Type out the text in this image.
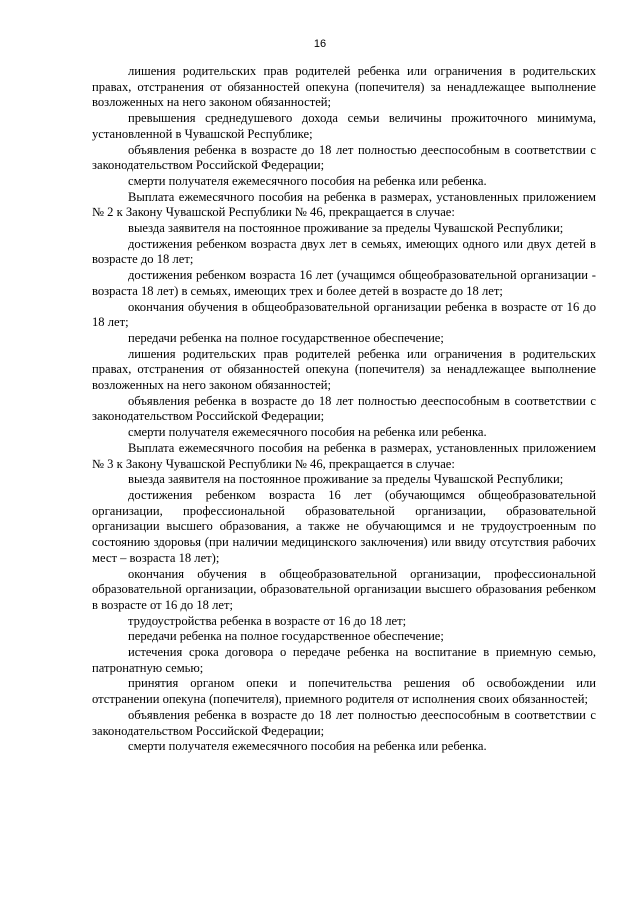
16

лишения родительских прав родителей ребенка или ограничения в родительских правах, отстранения от обязанностей опекуна (попечителя) за ненадлежащее выполнение возложенных на него законом обязанностей;

превышения среднедушевого дохода семьи величины прожиточного минимума, установленной в Чувашской Республике;

объявления ребенка в возрасте до 18 лет полностью дееспособным в соответствии с законодательством Российской Федерации;

смерти получателя ежемесячного пособия на ребенка или ребенка.

Выплата ежемесячного пособия на ребенка в размерах, установленных приложением № 2 к Закону Чувашской Республики № 46, прекращается в случае:

выезда заявителя на постоянное проживание за пределы Чувашской Республики;

достижения ребенком возраста двух лет в семьях, имеющих одного или двух детей в возрасте до 18 лет;

достижения ребенком возраста 16 лет (учащимся общеобразовательной организации - возраста 18 лет) в семьях, имеющих трех и более детей в возрасте до 18 лет;

окончания обучения в общеобразовательной организации ребенка в возрасте от 16 до 18 лет;

передачи ребенка на полное государственное обеспечение;

лишения родительских прав родителей ребенка или ограничения в родительских правах, отстранения от обязанностей опекуна (попечителя) за ненадлежащее выполнение возложенных на него законом обязанностей;

объявления ребенка в возрасте до 18 лет полностью дееспособным в соответствии с законодательством Российской Федерации;

смерти получателя ежемесячного пособия на ребенка или ребенка.

Выплата ежемесячного пособия на ребенка в размерах, установленных приложением № 3 к Закону Чувашской Республики № 46, прекращается в случае:

выезда заявителя на постоянное проживание за пределы Чувашской Республики;

достижения ребенком возраста 16 лет (обучающимся общеобразовательной организации, профессиональной образовательной организации, образовательной организации высшего образования, а также не обучающимся и не трудоустроенным по состоянию здоровья (при наличии медицинского заключения) или ввиду отсутствия рабочих мест – возраста 18 лет);

окончания обучения в общеобразовательной организации, профессиональной образовательной организации, образовательной организации высшего образования ребенком в возрасте от 16 до 18 лет;

трудоустройства ребенка в возрасте от 16 до 18 лет;

передачи ребенка на полное государственное обеспечение;

истечения срока договора о передаче ребенка на воспитание в приемную семью, патронатную семью;

принятия органом опеки и попечительства решения об освобождении или отстранении опекуна (попечителя), приемного родителя от исполнения своих обязанностей;

объявления ребенка в возрасте до 18 лет полностью дееспособным в соответствии с законодательством Российской Федерации;

смерти получателя ежемесячного пособия на ребенка или ребенка.
